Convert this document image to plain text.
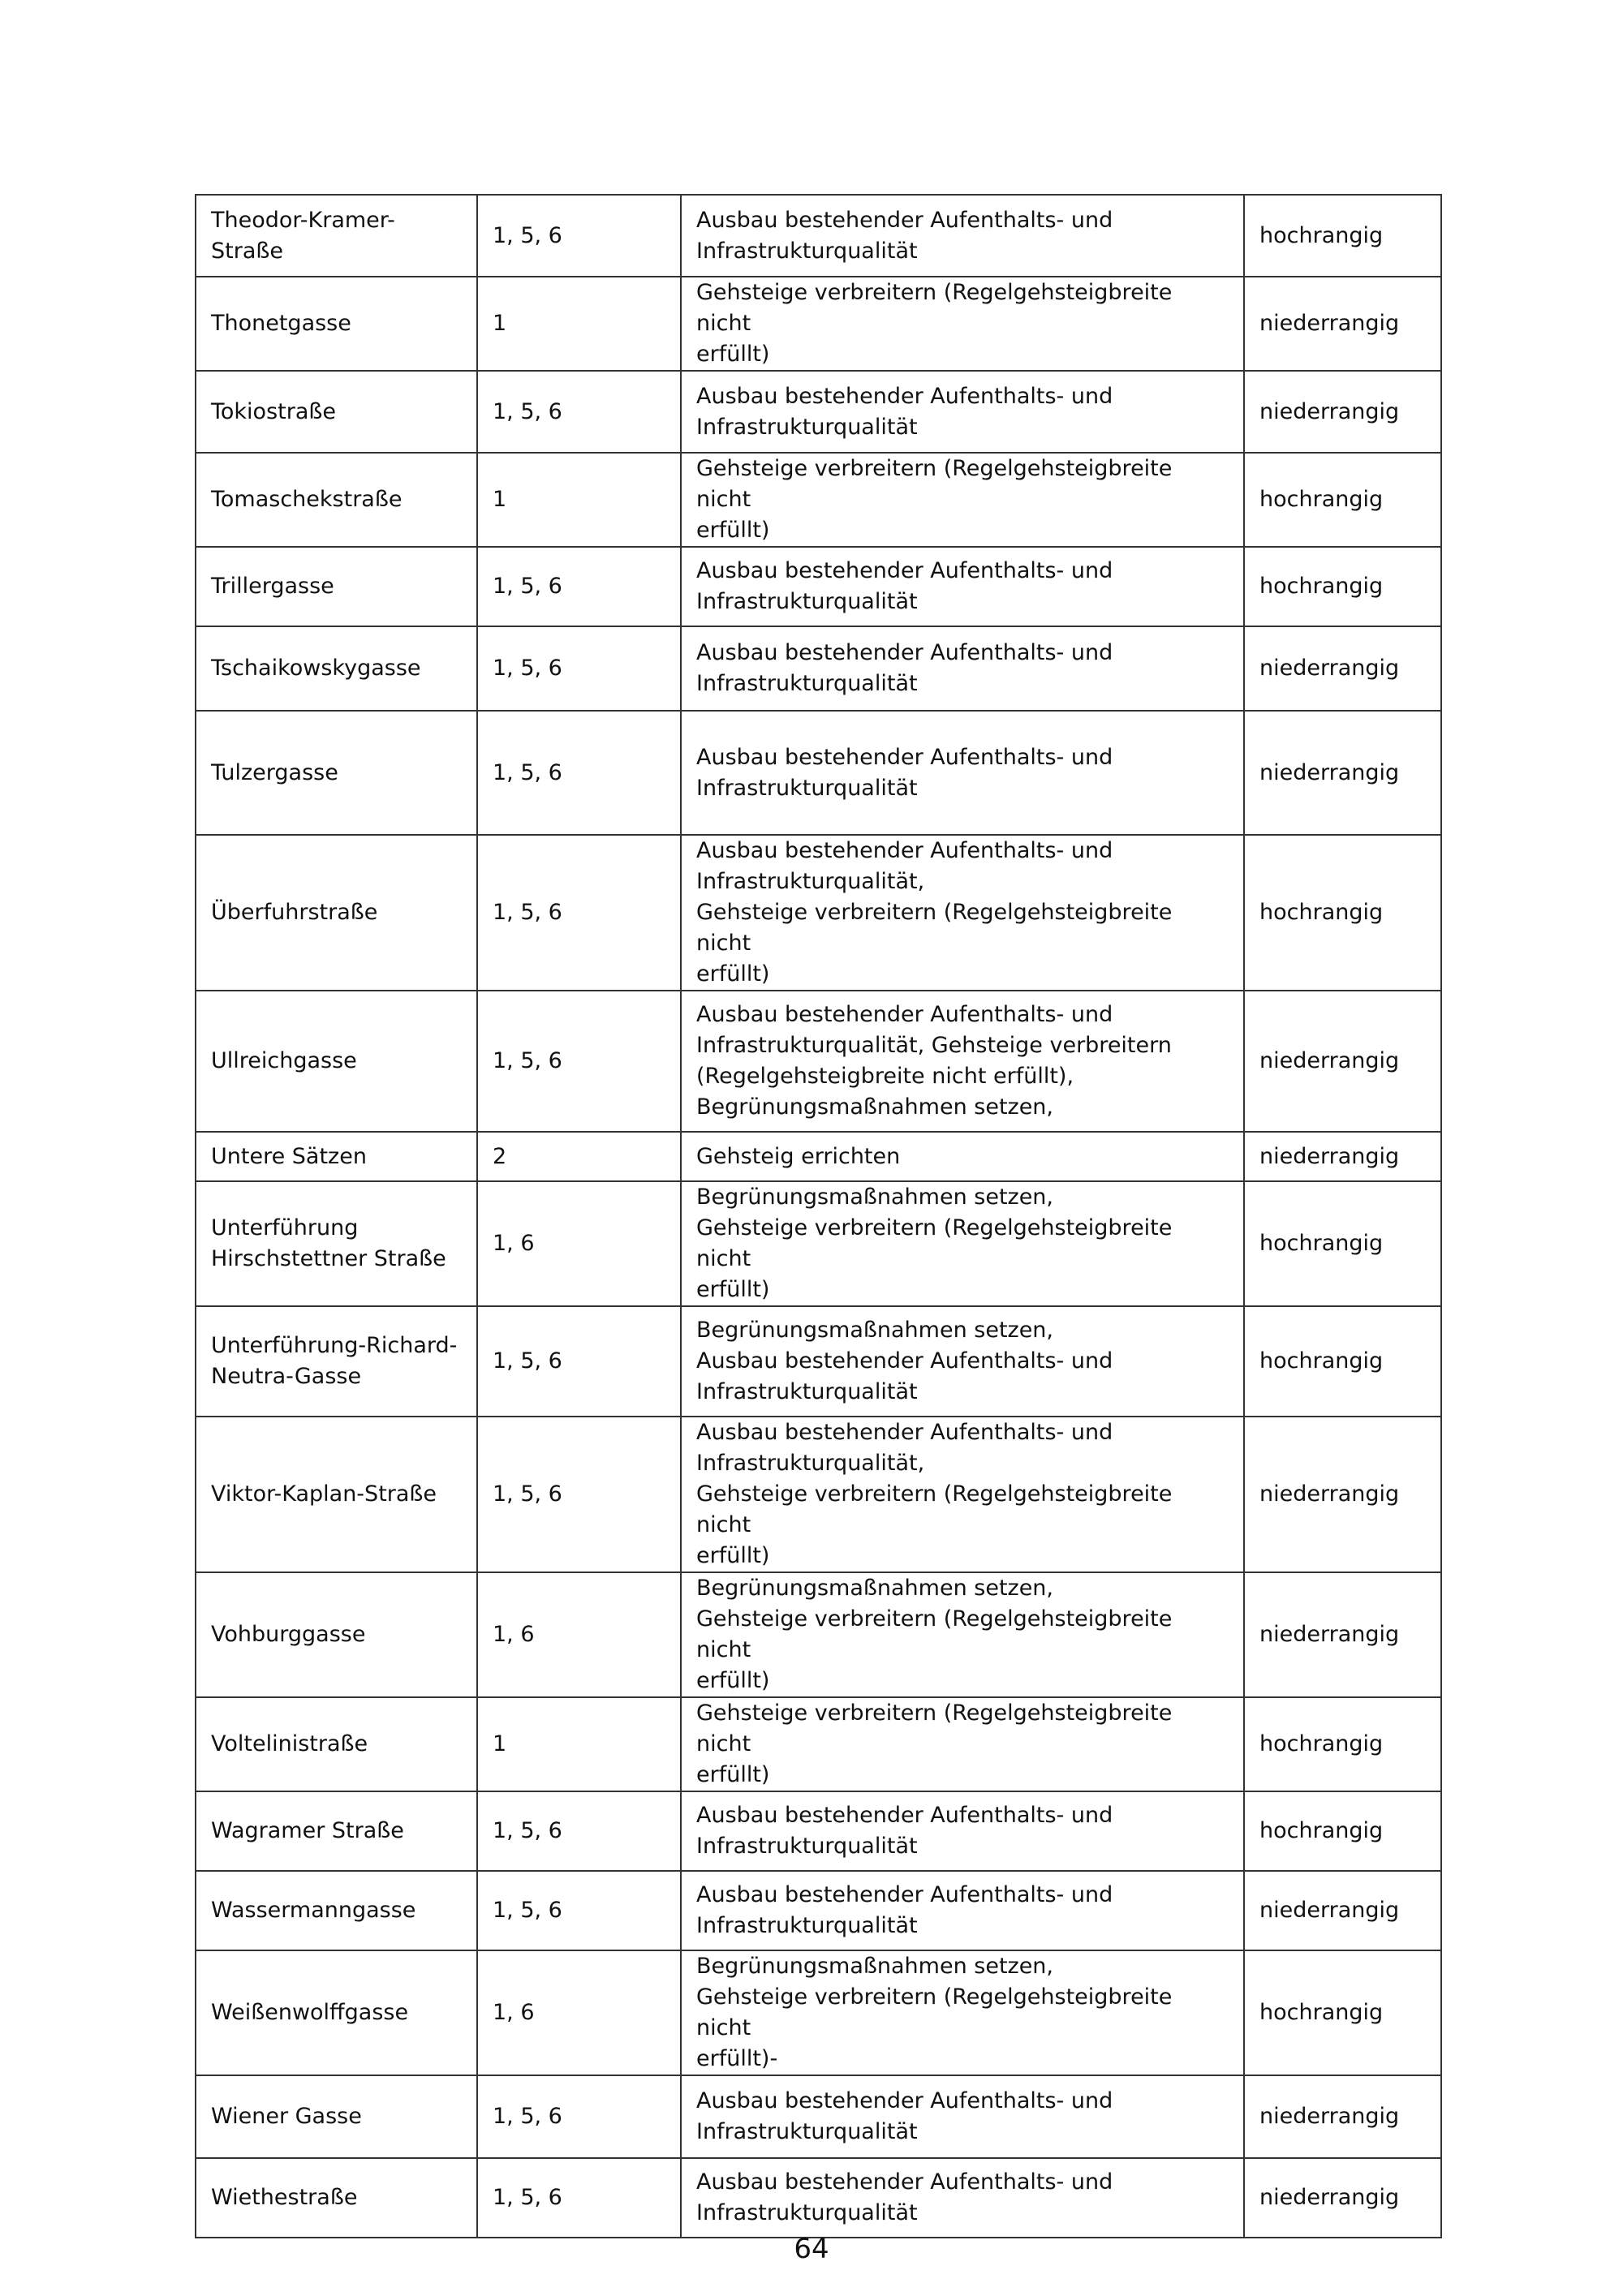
Theodor-Kramer-Straße	1, 5, 6	Ausbau bestehender Aufenthalts- und
Infrastrukturqualität	hochrangig
Thonetgasse	1	Gehsteige verbreitern (Regelgehsteigbreite nicht
erfüllt)	niederrangig
Tokiostraße	1, 5, 6	Ausbau bestehender Aufenthalts- und
Infrastrukturqualität	niederrangig
Tomaschekstraße	1	Gehsteige verbreitern (Regelgehsteigbreite nicht
erfüllt)	hochrangig
Trillergasse	1, 5, 6	Ausbau bestehender Aufenthalts- und
Infrastrukturqualität	hochrangig
Tschaikowskygasse	1, 5, 6	Ausbau bestehender Aufenthalts- und
Infrastrukturqualität	niederrangig
Tulzergasse	1, 5, 6	Ausbau bestehender Aufenthalts- und
Infrastrukturqualität	niederrangig
Überfuhrstraße	1, 5, 6	Ausbau bestehender Aufenthalts- und
Infrastrukturqualität,
Gehsteige verbreitern (Regelgehsteigbreite nicht
erfüllt)	hochrangig
Ullreichgasse	1, 5, 6	Ausbau bestehender Aufenthalts- und
Infrastrukturqualität, Gehsteige verbreitern
(Regelgehsteigbreite nicht erfüllt),
Begrünungsmaßnahmen setzen,	niederrangig
Untere Sätzen	2	Gehsteig errichten	niederrangig
Unterführung
Hirschstettner Straße	1, 6	Begrünungsmaßnahmen setzen,
Gehsteige verbreitern (Regelgehsteigbreite nicht
erfüllt)	hochrangig
Unterführung-Richard-
Neutra-Gasse	1, 5, 6	Begrünungsmaßnahmen setzen,
Ausbau bestehender Aufenthalts- und
Infrastrukturqualität	hochrangig
Viktor-Kaplan-Straße	1, 5, 6	Ausbau bestehender Aufenthalts- und
Infrastrukturqualität,
Gehsteige verbreitern (Regelgehsteigbreite nicht
erfüllt)	niederrangig
Vohburggasse	1, 6	Begrünungsmaßnahmen setzen,
Gehsteige verbreitern (Regelgehsteigbreite nicht
erfüllt)	niederrangig
Voltelinistraße	1	Gehsteige verbreitern (Regelgehsteigbreite nicht
erfüllt)	hochrangig
Wagramer Straße	1, 5, 6	Ausbau bestehender Aufenthalts- und
Infrastrukturqualität	hochrangig
Wassermanngasse	1, 5, 6	Ausbau bestehender Aufenthalts- und
Infrastrukturqualität	niederrangig
Weißenwolffgasse	1, 6	Begrünungsmaßnahmen setzen,
Gehsteige verbreitern (Regelgehsteigbreite nicht
erfüllt)-	hochrangig
Wiener Gasse	1, 5, 6	Ausbau bestehender Aufenthalts- und
Infrastrukturqualität	niederrangig
Wiethestraße	1, 5, 6	Ausbau bestehender Aufenthalts- und
Infrastrukturqualität	niederrangig
64
